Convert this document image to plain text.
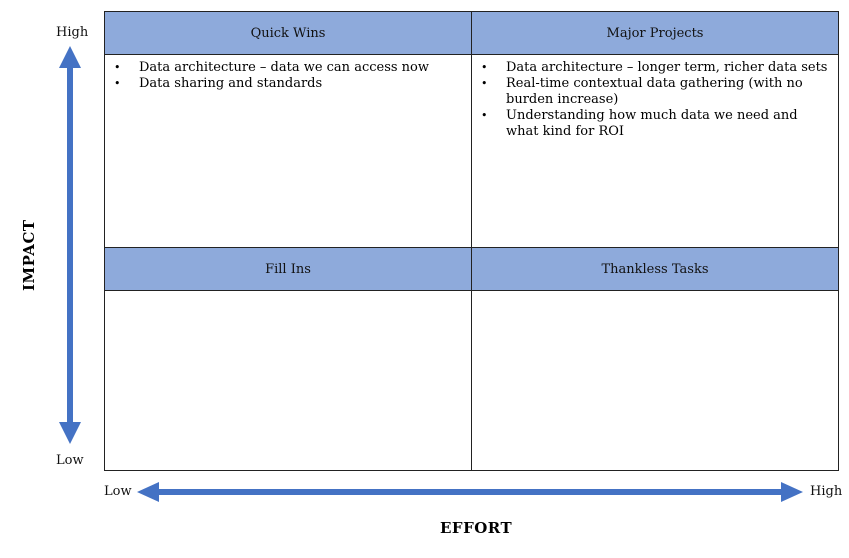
High
Low
IMPACT
Quick Wins
• Data architecture – data we can access now
• Data sharing and standards
Major Projects
• Data architecture – longer term, richer data sets
• Real-time contextual data gathering (with no burden increase)
• Understanding how much data we need and what kind for ROI
Fill Ins	Thankless Tasks
Low	High
EFFORT
